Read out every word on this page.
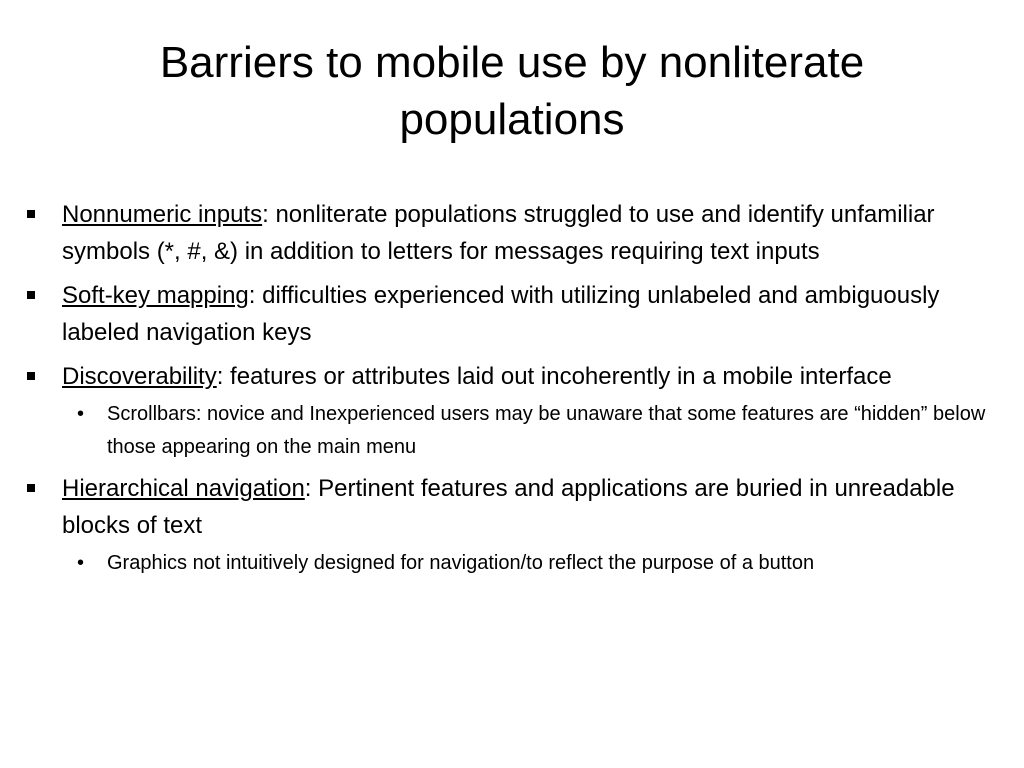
Barriers to mobile use by nonliterate
populations

Nonnumeric inputs: nonliterate populations struggled to use and identify unfamiliar symbols (*, #, &) in addition to letters for messages requiring text inputs

Soft-key mapping: difficulties experienced with utilizing unlabeled and ambiguously labeled navigation keys

Discoverability: features or attributes laid out incoherently in a mobile interface

• Scrollbars: novice and Inexperienced users may be unaware that some features are “hidden” below those appearing on the main menu

Hierarchical navigation: Pertinent features and applications are buried in unreadable blocks of text

• Graphics not intuitively designed for navigation/to reflect the purpose of a button
